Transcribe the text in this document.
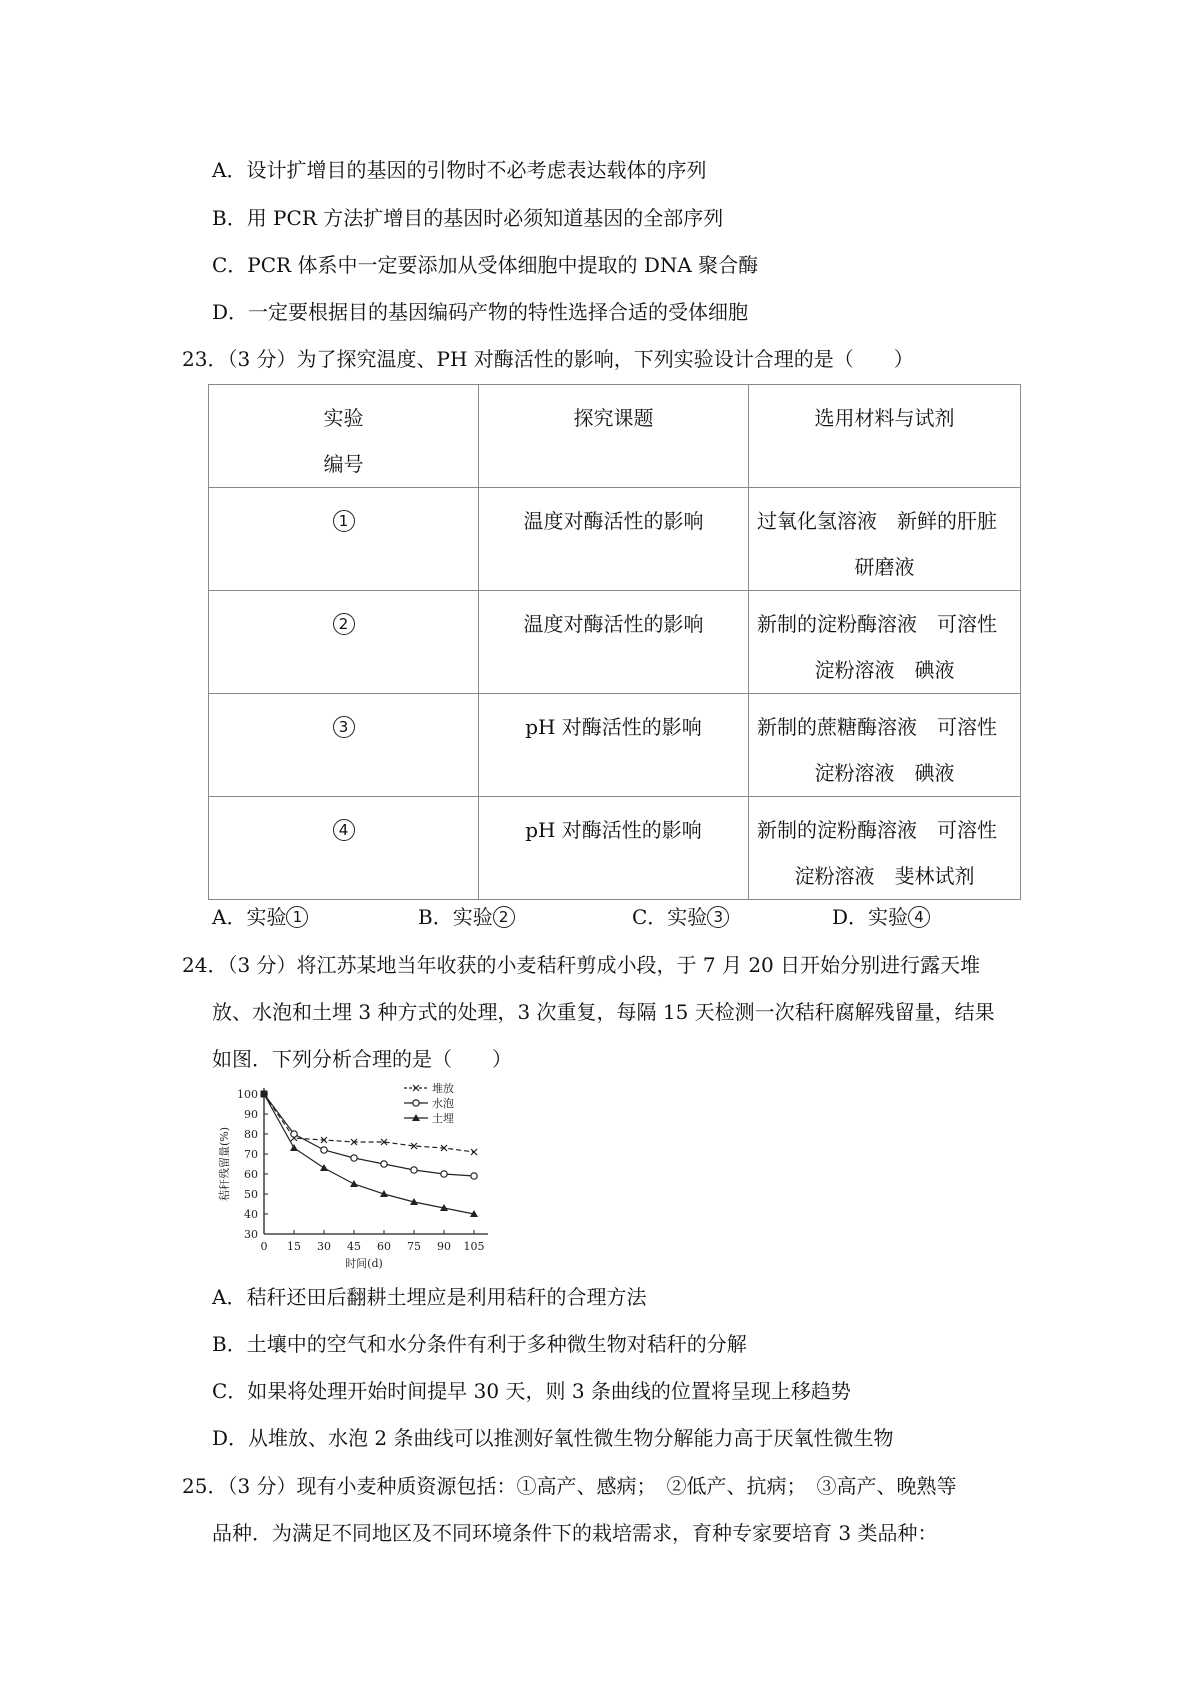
A．设计扩增目的基因的引物时不必考虑表达载体的序列
B．用 PCR 方法扩增目的基因时必须知道基因的全部序列
C．PCR 体系中一定要添加从受体细胞中提取的 DNA 聚合酶
D．一定要根据目的基因编码产物的特性选择合适的受体细胞
23．（3 分）为了探究温度、PH 对酶活性的影响，下列实验设计合理的是（　　）
实验
编号	探究课题	选用材料与试剂
1	温度对酶活性的影响	过氧化氢溶液　新鲜的肝脏
研磨液

2	温度对酶活性的影响	新制的淀粉酶溶液　可溶性
淀粉溶液　碘液

3	pH 对酶活性的影响	新制的蔗糖酶溶液　可溶性
淀粉溶液　碘液

4	pH 对酶活性的影响	新制的淀粉酶溶液　可溶性
淀粉溶液　斐林试剂
A．实验 1	B．实验 2	C．实验 3	D．实验 4
24．（3 分）将江苏某地当年收获的小麦秸秆剪成小段，于 7 月 20 日开始分别进行露天堆
放、水泡和土埋 3 种方式的处理，3 次重复，每隔 15 天检测一次秸秆腐解残留量，结果
如图．下列分析合理的是（　　）
30
40
50
60
70
80
90
100
0 15 30 45 60 75 90 105
时间(d)
秸秆残留量(%)
堆放
水泡
土埋
A．秸秆还田后翻耕土埋应是利用秸秆的合理方法
B．土壤中的空气和水分条件有利于多种微生物对秸秆的分解
C．如果将处理开始时间提早 30 天，则 3 条曲线的位置将呈现上移趋势
D．从堆放、水泡 2 条曲线可以推测好氧性微生物分解能力高于厌氧性微生物
25．（3 分）现有小麦种质资源包括：①高产、感病；　②低产、抗病；　③高产、晚熟等
品种．为满足不同地区及不同环境条件下的栽培需求，育种专家要培育 3 类品种：
